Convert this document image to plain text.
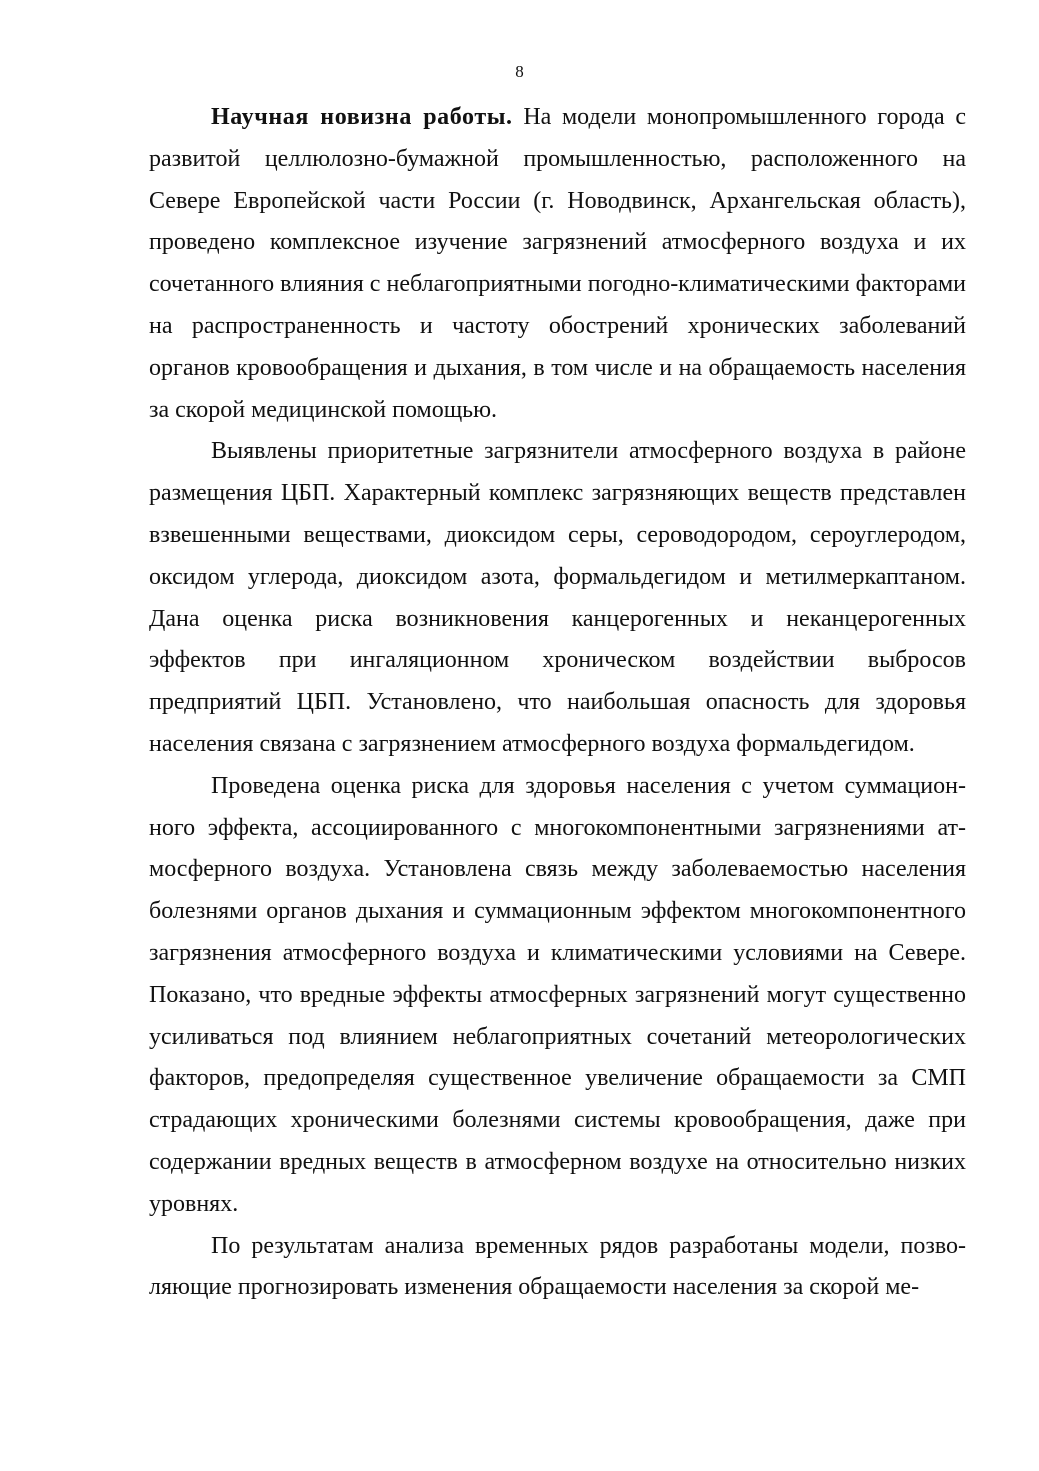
8

Научная новизна работы. На модели монопромышленного города с развитой целлюлозно-бумажной промышленностью, расположенного на Севере Европейской части России (г. Новодвинск, Архангельская область), проведено комплексное изучение загрязнений атмосферного воздуха и их сочетанного влияния с неблагоприятными погодно-климатическими факторами на распространенность и частоту обострений хронических заболеваний органов кровообращения и дыхания, в том числе и на обращаемость населения за скорой медицинской помощью.

Выявлены приоритетные загрязнители атмосферного воздуха в районе размещения ЦБП. Характерный комплекс загрязняющих веществ представлен взвешенными веществами, диоксидом серы, сероводородом, сероуглеродом, оксидом углерода, диоксидом азота, формальдегидом и метилмеркаптаном. Дана оценка риска возникновения канцерогенных и неканцерогенных эффектов при ингаляционном хроническом воздействии выбросов предприятий ЦБП. Установлено, что наибольшая опасность для здоровья населения связана с загрязнением атмосферного воздуха формальдегидом.

Проведена оценка риска для здоровья населения с учетом суммационного эффекта, ассоциированного с многокомпонентными загрязнениями атмосферного воздуха. Установлена связь между заболеваемостью населения болезнями органов дыхания и суммационным эффектом многокомпонентного загрязнения атмосферного воздуха и климатическими условиями на Севере. Показано, что вредные эффекты атмосферных загрязнений могут существенно усиливаться под влиянием неблагоприятных сочетаний метеорологических факторов, предопределяя существенное увеличение обращаемости за СМП страдающих хроническими болезнями системы кровообращения, даже при содержании вредных веществ в атмосферном воздухе на относительно низких уровнях.

По результатам анализа временных рядов разработаны модели, позволяющие прогнозировать изменения обращаемости населения за скорой ме-
